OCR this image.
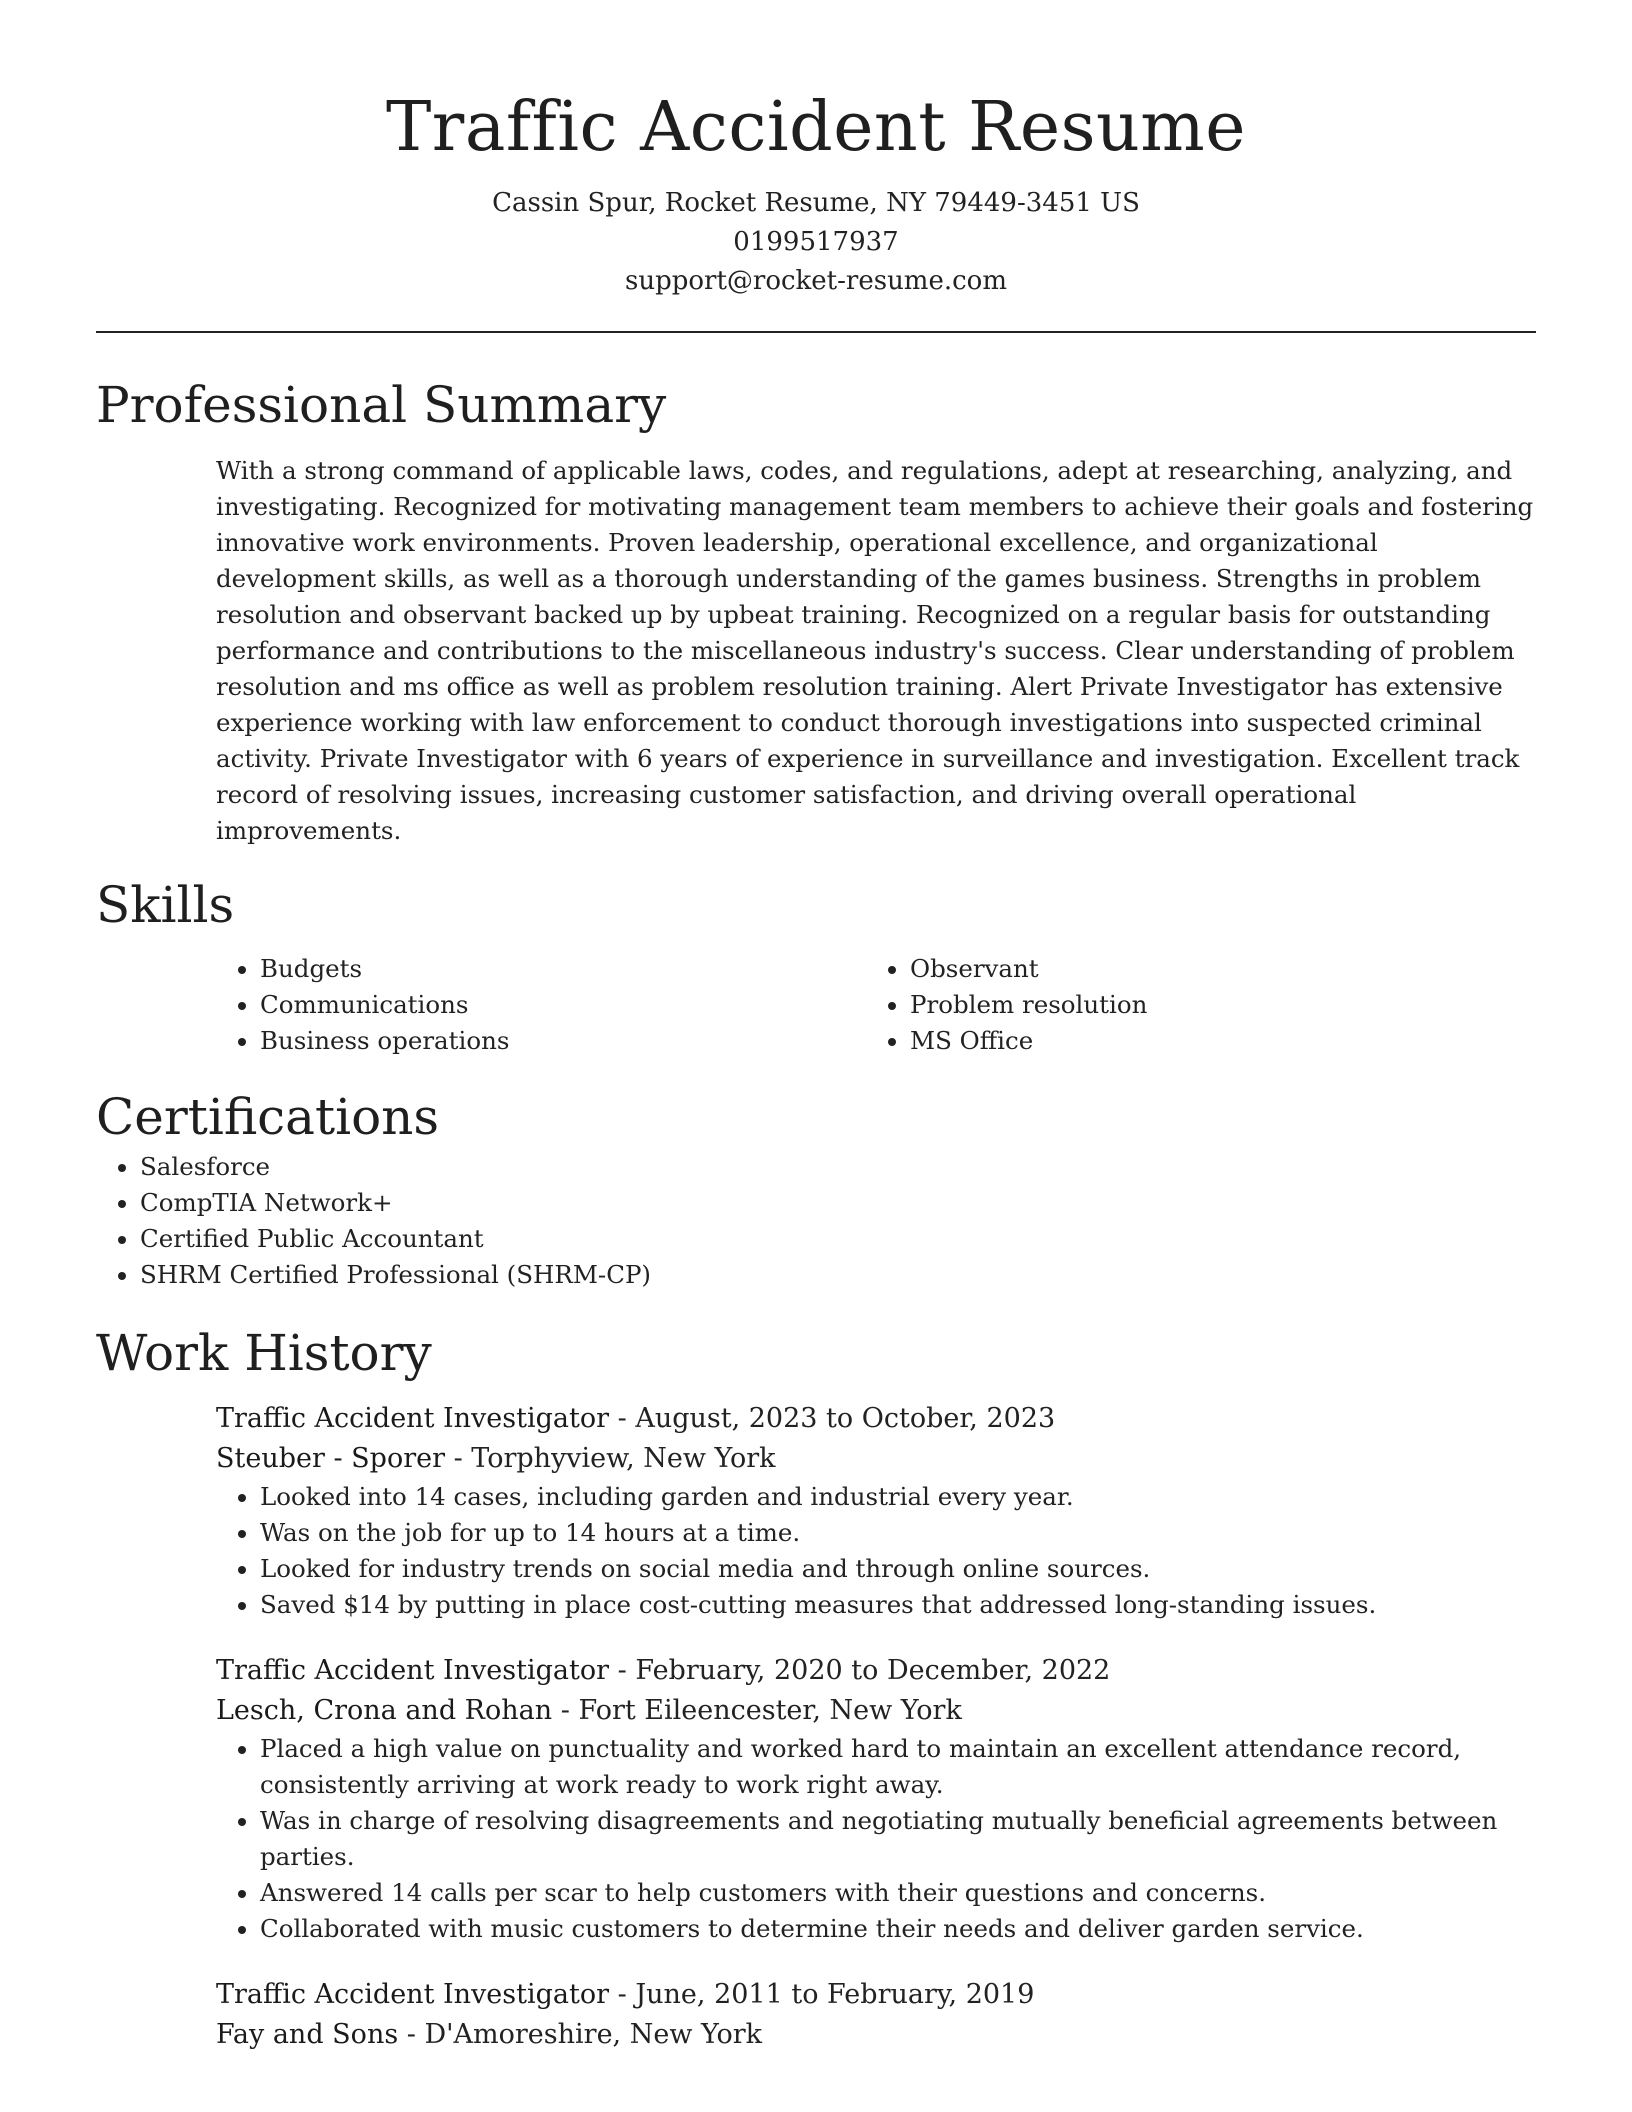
Traffic Accident Resume
Cassin Spur, Rocket Resume, NY 79449-3451 US
0199517937
support@rocket-resume.com
Professional Summary

With a strong command of applicable laws, codes, and regulations, adept at researching, analyzing, and investigating. Recognized for motivating management team members to achieve their goals and fostering innovative work environments. Proven leadership, operational excellence, and organizational development skills, as well as a thorough understanding of the games business. Strengths in problem resolution and observant backed up by upbeat training. Recognized on a regular basis for outstanding performance and contributions to the miscellaneous industry's success. Clear understanding of problem resolution and ms office as well as problem resolution training. Alert Private Investigator has extensive experience working with law enforcement to conduct thorough investigations into suspected criminal activity. Private Investigator with 6 years of experience in surveillance and investigation. Excellent track record of resolving issues, increasing customer satisfaction, and driving overall operational improvements.

Skills
• Budgets
• Communications
• Business operations
• Observant
• Problem resolution
• MS Office
Certifications
• Salesforce
• CompTIA Network+
• Certified Public Accountant
• SHRM Certified Professional (SHRM-CP)
Work History
Traffic Accident Investigator - August, 2023 to October, 2023
Steuber - Sporer - Torphyview, New York
• Looked into 14 cases, including garden and industrial every year.
• Was on the job for up to 14 hours at a time.
• Looked for industry trends on social media and through online sources.
• Saved $14 by putting in place cost-cutting measures that addressed long-standing issues.
Traffic Accident Investigator - February, 2020 to December, 2022
Lesch, Crona and Rohan - Fort Eileencester, New York
• Placed a high value on punctuality and worked hard to maintain an excellent attendance record, consistently arriving at work ready to work right away.
• Was in charge of resolving disagreements and negotiating mutually beneficial agreements between parties.
• Answered 14 calls per scar to help customers with their questions and concerns.
• Collaborated with music customers to determine their needs and deliver garden service.
Traffic Accident Investigator - June, 2011 to February, 2019
Fay and Sons - D'Amoreshire, New York
